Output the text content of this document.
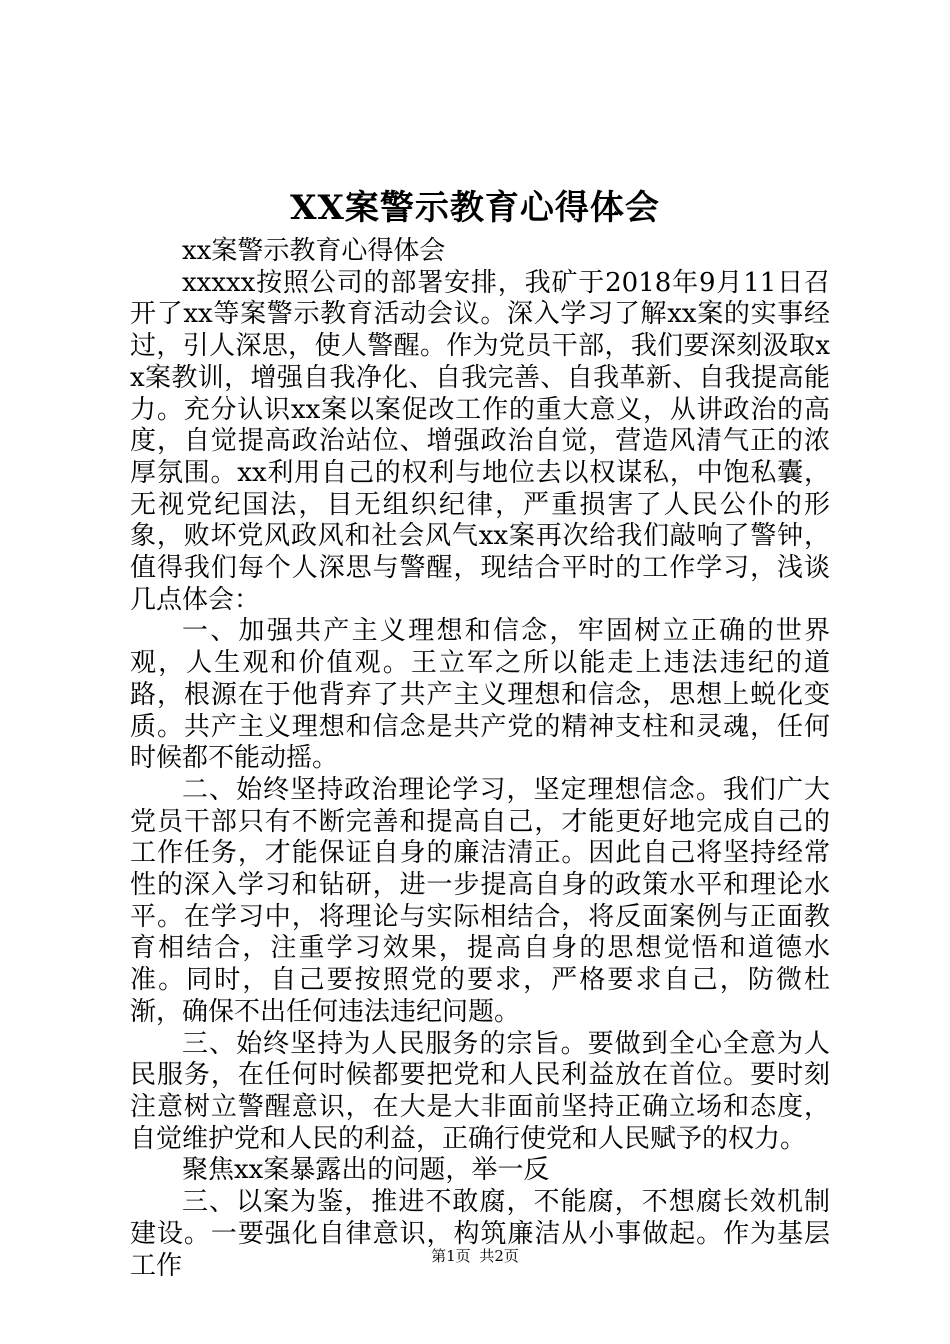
XX案警示教育心得体会

xx案警示教育心得体会

xxxxx按照公司的部署安排，我矿于2018年9月11日召开了xx等案警示教育活动会议。深入学习了解xx案的实事经过，引人深思，使人警醒。作为党员干部，我们要深刻汲取xx案教训，增强自我净化、自我完善、自我革新、自我提高能力。充分认识xx案以案促改工作的重大意义，从讲政治的高度，自觉提高政治站位、增强政治自觉，营造风清气正的浓厚氛围。xx利用自己的权利与地位去以权谋私，中饱私囊，无视党纪国法，目无组织纪律，严重损害了人民公仆的形象，败坏党风政风和社会风气xx案再次给我们敲响了警钟，值得我们每个人深思与警醒，现结合平时的工作学习，浅谈几点体会：

一、加强共产主义理想和信念，牢固树立正确的世界观，人生观和价值观。王立军之所以能走上违法违纪的道路，根源在于他背弃了共产主义理想和信念，思想上蜕化变质。共产主义理想和信念是共产党的精神支柱和灵魂，任何时候都不能动摇。

二、始终坚持政治理论学习，坚定理想信念。我们广大党员干部只有不断完善和提高自己，才能更好地完成自己的工作任务，才能保证自身的廉洁清正。因此自己将坚持经常性的深入学习和钻研，进一步提高自身的政策水平和理论水平。在学习中，将理论与实际相结合，将反面案例与正面教育相结合，注重学习效果，提高自身的思想觉悟和道德水准。同时，自己要按照党的要求，严格要求自己，防微杜渐，确保不出任何违法违纪问题。

三、始终坚持为人民服务的宗旨。要做到全心全意为人民服务，在任何时候都要把党和人民利益放在首位。要时刻注意树立警醒意识，在大是大非面前坚持正确立场和态度，自觉维护党和人民的利益，正确行使党和人民赋予的权力。

聚焦xx案暴露出的问题，举一反

三、以案为鉴，推进不敢腐，不能腐，不想腐长效机制建设。一要强化自律意识，构筑廉洁从小事做起。作为基层工作	第1页 共2页
